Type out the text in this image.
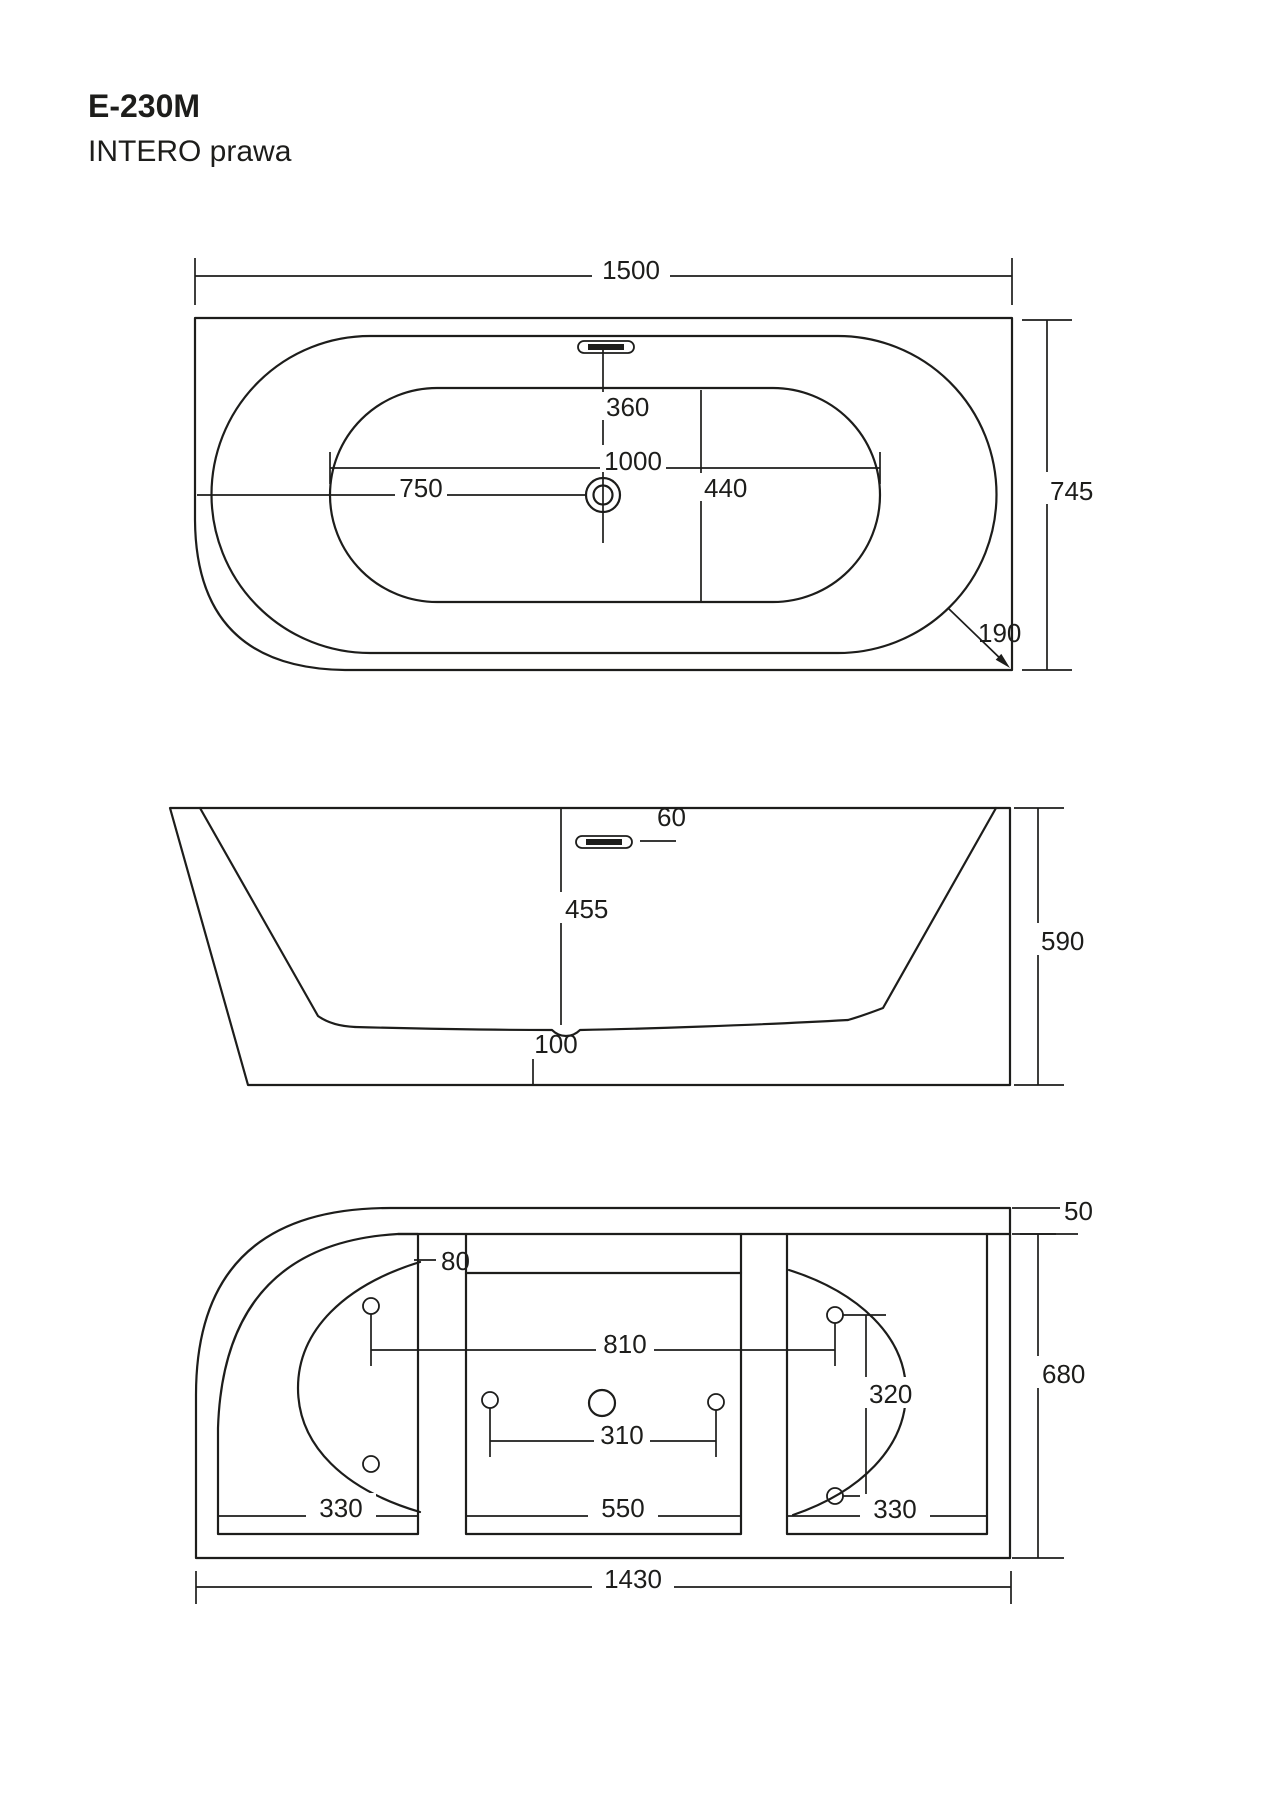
E-230M
INTERO prawa
1500
745
360
750
1000
440
190
60
455
100
590
50
80
810
320
310
680
330	550	330
1430
